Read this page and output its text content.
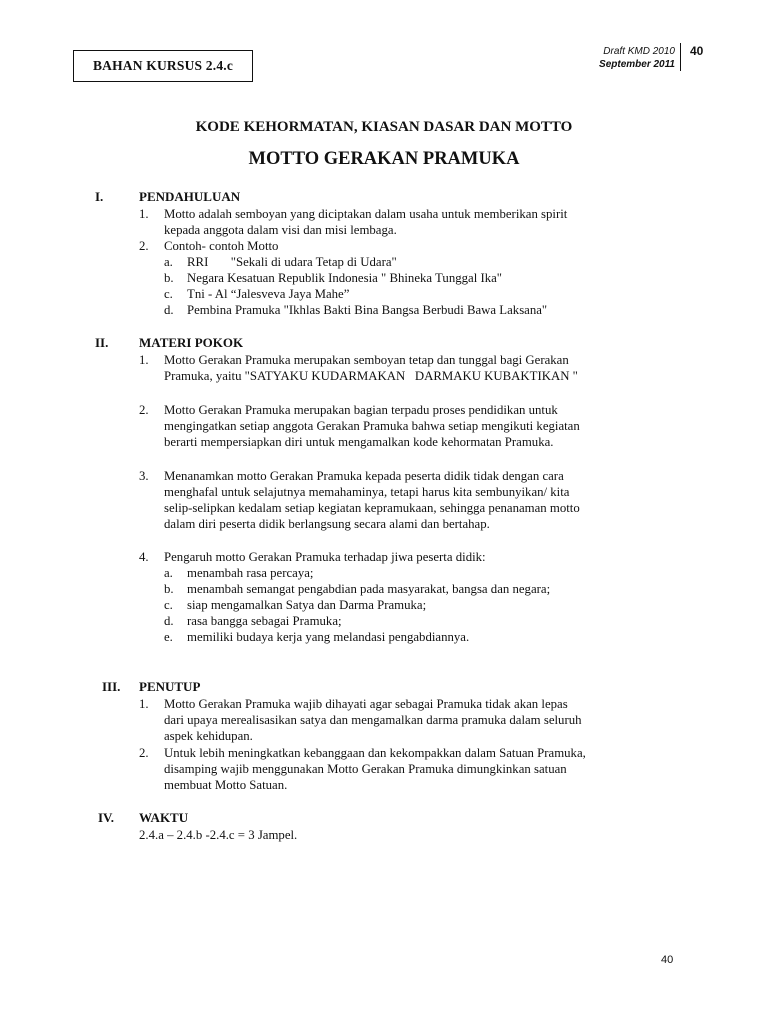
BAHAN KURSUS 2.4.c
Draft KMD 2010
September 2011
40
KODE KEHORMATAN, KIASAN DASAR DAN MOTTO
MOTTO GERAKAN PRAMUKA
I.	PENDAHULUAN
1.	Motto adalah semboyan yang diciptakan dalam usaha untuk memberikan spirit
kepada anggota dalam visi dan misi lembaga.
2.	Contoh- contoh Motto
a. RRI       "Sekali di udara Tetap di Udara"
b. Negara Kesatuan Republik Indonesia " Bhineka Tunggal Ika"
c. Tni - Al “Jalesveva Jaya Mahe”
d. Pembina Pramuka "Ikhlas Bakti Bina Bangsa Berbudi Bawa Laksana"
II. MATERI POKOK
1.	Motto Gerakan Pramuka merupakan semboyan tetap dan tunggal bagi Gerakan
Pramuka, yaitu "SATYAKU KUDARMAKAN   DARMAKU KUBAKTIKAN "
2.	Motto Gerakan Pramuka merupakan bagian terpadu proses pendidikan untuk
mengingatkan setiap anggota Gerakan Pramuka bahwa setiap mengikuti kegiatan
berarti mempersiapkan diri untuk mengamalkan kode kehormatan Pramuka.
3.	Menanamkan motto Gerakan Pramuka kepada peserta didik tidak dengan cara
menghafal untuk selajutnya memahaminya, tetapi harus kita sembunyikan/ kita
selip-selipkan kedalam setiap kegiatan kepramukaan, sehingga penanaman motto
dalam diri peserta didik berlangsung secara alami dan bertahap.
4.	Pengaruh motto Gerakan Pramuka terhadap jiwa peserta didik:
a. menambah rasa percaya;
b. menambah semangat pengabdian pada masyarakat, bangsa dan negara;
c. siap mengamalkan Satya dan Darma Pramuka;
d. rasa bangga sebagai Pramuka;
e. memiliki budaya kerja yang melandasi pengabdiannya.
III. PENUTUP
1.	Motto Gerakan Pramuka wajib dihayati agar sebagai Pramuka tidak akan lepas
dari upaya merealisasikan satya dan mengamalkan darma pramuka dalam seluruh
aspek kehidupan.
2.	Untuk lebih meningkatkan kebanggaan dan kekompakkan dalam Satuan Pramuka,
disamping wajib menggunakan Motto Gerakan Pramuka dimungkinkan satuan
membuat Motto Satuan.
IV. WAKTU
2.4.a – 2.4.b -2.4.c = 3 Jampel.
40
